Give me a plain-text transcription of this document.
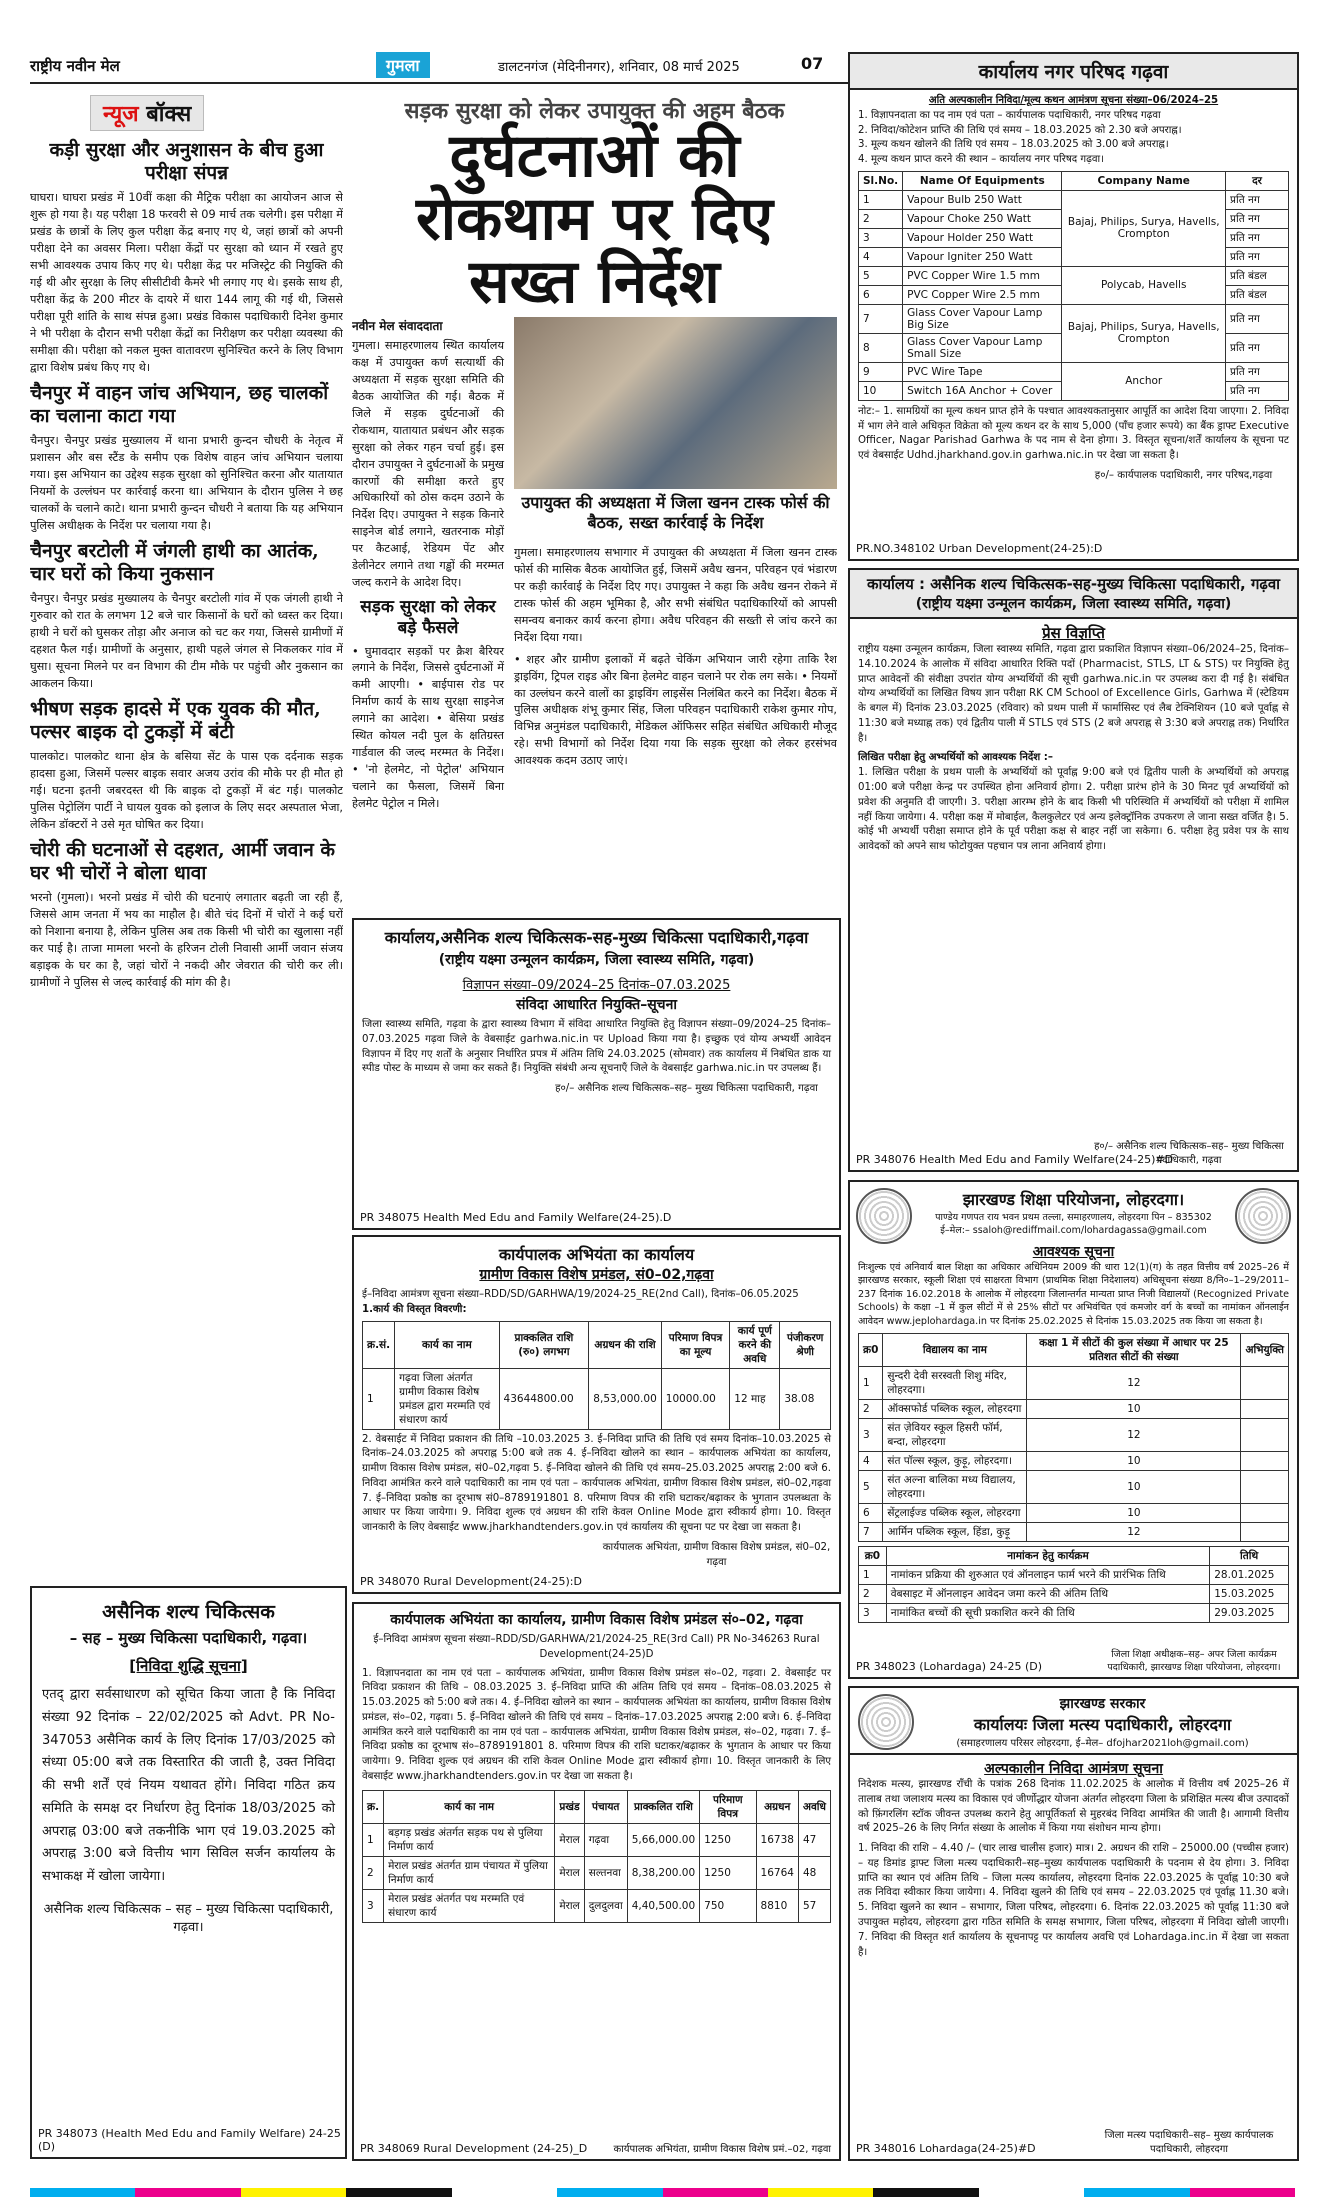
राष्ट्रीय नवीन मेल	गुमला	डालटनगंज (मेदिनीनगर), शनिवार, 08 मार्च 2025	07
न्यूज बॉक्स
कड़ी सुरक्षा और अनुशासन के बीच हुआ परीक्षा संपन्न

घाघरा। घाघरा प्रखंड में 10वीं कक्षा की मैट्रिक परीक्षा का आयोजन आज से शुरू हो गया है। यह परीक्षा 18 फरवरी से 09 मार्च तक चलेगी। इस परीक्षा में प्रखंड के छात्रों के लिए कुल परीक्षा केंद्र बनाए गए थे, जहां छात्रों को अपनी परीक्षा देने का अवसर मिला। परीक्षा केंद्रों पर सुरक्षा को ध्यान में रखते हुए सभी आवश्यक उपाय किए गए थे। परीक्षा केंद्र पर मजिस्ट्रेट की नियुक्ति की गई थी और सुरक्षा के लिए सीसीटीवी कैमरे भी लगाए गए थे। इसके साथ ही, परीक्षा केंद्र के 200 मीटर के दायरे में धारा 144 लागू की गई थी, जिससे परीक्षा पूरी शांति के साथ संपन्न हुआ। प्रखंड विकास पदाधिकारी दिनेश कुमार ने भी परीक्षा के दौरान सभी परीक्षा केंद्रों का निरीक्षण कर परीक्षा व्यवस्था की समीक्षा की। परीक्षा को नकल मुक्त वातावरण सुनिश्चित करने के लिए विभाग द्वारा विशेष प्रबंध किए गए थे।

चैनपुर में वाहन जांच अभियान, छह चालकों का चलाना काटा गया

चैनपुर। चैनपुर प्रखंड मुख्यालय में थाना प्रभारी कुन्दन चौधरी के नेतृत्व में प्रशासन और बस स्टैंड के समीप एक विशेष वाहन जांच अभियान चलाया गया। इस अभियान का उद्देश्य सड़क सुरक्षा को सुनिश्चित करना और यातायात नियमों के उल्लंघन पर कार्रवाई करना था। अभियान के दौरान पुलिस ने छह चालकों के चलाने काटे। थाना प्रभारी कुन्दन चौधरी ने बताया कि यह अभियान पुलिस अधीक्षक के निर्देश पर चलाया गया है।

चैनपुर बरटोली में जंगली हाथी का आतंक, चार घरों को किया नुकसान

चैनपुर। चैनपुर प्रखंड मुख्यालय के चैनपुर बरटोली गांव में एक जंगली हाथी ने गुरुवार को रात के लगभग 12 बजे चार किसानों के घरों को ध्वस्त कर दिया। हाथी ने घरों को घुसकर तोड़ा और अनाज को चट कर गया, जिससे ग्रामीणों में दहशत फैल गई। ग्रामीणों के अनुसार, हाथी पहले जंगल से निकलकर गांव में घुसा। सूचना मिलने पर वन विभाग की टीम मौके पर पहुंची और नुकसान का आकलन किया।

भीषण सड़क हादसे में एक युवक की मौत, पल्सर बाइक दो टुकड़ों में बंटी

पालकोट। पालकोट थाना क्षेत्र के बसिया सेंट के पास एक दर्दनाक सड़क हादसा हुआ, जिसमें पल्सर बाइक सवार अजय उरांव की मौके पर ही मौत हो गई। घटना इतनी जबरदस्त थी कि बाइक दो टुकड़ों में बंट गई। पालकोट पुलिस पेट्रोलिंग पार्टी ने घायल युवक को इलाज के लिए सदर अस्पताल भेजा, लेकिन डॉक्टरों ने उसे मृत घोषित कर दिया।

चोरी की घटनाओं से दहशत, आर्मी जवान के घर भी चोरों ने बोला धावा

भरनो (गुमला)। भरनो प्रखंड में चोरी की घटनाएं लगातार बढ़ती जा रही हैं, जिससे आम जनता में भय का माहौल है। बीते चंद दिनों में चोरों ने कई घरों को निशाना बनाया है, लेकिन पुलिस अब तक किसी भी चोरी का खुलासा नहीं कर पाई है। ताजा मामला भरनो के हरिजन टोली निवासी आर्मी जवान संजय बड़ाइक के घर का है, जहां चोरों ने नकदी और जेवरात की चोरी कर ली। ग्रामीणों ने पुलिस से जल्द कार्रवाई की मांग की है।

असैनिक शल्य चिकित्सक
– सह – मुख्य चिकित्सा पदाधिकारी, गढ़वा।
[निविदा शुद्धि सूचना]

एतद् द्वारा सर्वसाधारण को सूचित किया जाता है कि निविदा संख्या 92 दिनांक – 22/02/2025 को Advt. PR No-347053 असैनिक कार्य के लिए दिनांक 17/03/2025 को संध्या 05:00 बजे तक विस्तारित की जाती है, उक्त निविदा की सभी शर्तें एवं नियम यथावत होंगे। निविदा गठित क्रय समिति के समक्ष दर निर्धारण हेतु दिनांक 18/03/2025 को अपराह्न 03:00 बजे तकनीकि भाग एवं 19.03.2025 को अपराह्न 3:00 बजे वित्तीय भाग सिविल सर्जन कार्यालय के सभाकक्ष में खोला जायेगा।

असैनिक शल्य चिकित्सक – सह – मुख्य चिकित्सा पदाधिकारी, गढ़वा।
PR 348073 (Health Med Edu and Family Welfare) 24-25 (D)
सड़क सुरक्षा को लेकर उपायुक्त की अहम बैठक
दुर्घटनाओं की रोकथाम पर दिए सख्त निर्देश
नवीन मेल संवाददाता

गुमला। समाहरणालय स्थित कार्यालय कक्ष में उपायुक्त कर्ण सत्यार्थी की अध्यक्षता में सड़क सुरक्षा समिति की बैठक आयोजित की गई। बैठक में जिले में सड़क दुर्घटनाओं की रोकथाम, यातायात प्रबंधन और सड़क सुरक्षा को लेकर गहन चर्चा हुई। इस दौरान उपायुक्त ने दुर्घटनाओं के प्रमुख कारणों की समीक्षा करते हुए अधिकारियों को ठोस कदम उठाने के निर्देश दिए। उपायुक्त ने सड़क किनारे साइनेज बोर्ड लगाने, खतरनाक मोड़ों पर कैटआई, रेडियम पेंट और डेलीनेटर लगाने तथा गड्ढों की मरम्मत जल्द कराने के आदेश दिए।

सड़क सुरक्षा को लेकर बड़े फैसले

• घुमावदार सड़कों पर क्रैश बैरियर लगाने के निर्देश, जिससे दुर्घटनाओं में कमी आएगी। • बाईपास रोड पर निर्माण कार्य के साथ सुरक्षा साइनेज लगाने का आदेश। • बेसिया प्रखंड स्थित कोयल नदी पुल के क्षतिग्रस्त गार्डवाल की जल्द मरम्मत के निर्देश। • 'नो हेलमेट, नो पेट्रोल' अभियान चलाने का फैसला, जिसमें बिना हेलमेट पेट्रोल न मिले।

उपायुक्त की अध्यक्षता में जिला खनन टास्क फोर्स की बैठक, सख्त कार्रवाई के निर्देश

गुमला। समाहरणालय सभागार में उपायुक्त की अध्यक्षता में जिला खनन टास्क फोर्स की मासिक बैठक आयोजित हुई, जिसमें अवैध खनन, परिवहन एवं भंडारण पर कड़ी कार्रवाई के निर्देश दिए गए। उपायुक्त ने कहा कि अवैध खनन रोकने में टास्क फोर्स की अहम भूमिका है, और सभी संबंधित पदाधिकारियों को आपसी समन्वय बनाकर कार्य करना होगा। अवैध परिवहन की सख्ती से जांच करने का निर्देश दिया गया।

• शहर और ग्रामीण इलाकों में बढ़ते चेकिंग अभियान जारी रहेगा ताकि रैश ड्राइविंग, ट्रिपल राइड और बिना हेलमेट वाहन चलाने पर रोक लग सके। • नियमों का उल्लंघन करने वालों का ड्राइविंग लाइसेंस निलंबित करने का निर्देश। बैठक में पुलिस अधीक्षक शंभू कुमार सिंह, जिला परिवहन पदाधिकारी राकेश कुमार गोप, विभिन्न अनुमंडल पदाधिकारी, मेडिकल ऑफिसर सहित संबंधित अधिकारी मौजूद रहे। सभी विभागों को निर्देश दिया गया कि सड़क सुरक्षा को लेकर हरसंभव आवश्यक कदम उठाए जाएं।

कार्यालय,असैनिक शल्य चिकित्सक-सह-मुख्य चिकित्सा पदाधिकारी,गढ़वा
(राष्ट्रीय यक्ष्मा उन्मूलन कार्यक्रम, जिला स्वास्थ्य समिति, गढ़वा)
विज्ञापन संख्या–09/2024–25 दिनांक–07.03.2025
संविदा आधारित नियुक्ति–सूचना

जिला स्वास्थ्य समिति, गढ़वा के द्वारा स्वास्थ्य विभाग में संविदा आधारित नियुक्ति हेतु विज्ञापन संख्या–09/2024–25 दिनांक–07.03.2025 गढ़वा जिले के वेबसाईट garhwa.nic.in पर Upload किया गया है। इच्छुक एवं योग्य अभ्यर्थी आवेदन विज्ञापन में दिए गए शर्तों के अनुसार निर्धारित प्रपत्र में अंतिम तिथि 24.03.2025 (सोमवार) तक कार्यालय में निबंधित डाक या स्पीड पोस्ट के माध्यम से जमा कर सकते हैं। नियुक्ति संबंधी अन्य सूचनाएँ जिले के वेबसाईट garhwa.nic.in पर उपलब्ध हैं।

ह०/– असैनिक शल्य चिकित्सक–सह– मुख्य चिकित्सा पदाधिकारी, गढ़वा
PR 348075 Health Med Edu and Family Welfare(24-25).D
कार्यपालक अभियंता का कार्यालय
ग्रामीण विकास विशेष प्रमंडल, सं0–02,गढ़वा
ई–निविदा आमंत्रण सूचना संख्या–RDD/SD/GARHWA/19/2024-25_RE(2nd Call), दिनांक–06.05.2025
1.कार्य की विस्तृत विवरणी:
क्र.सं.	कार्य का नाम	प्राक्कलित राशि (रु०) लगभग	अग्रधन की राशि	परिमाण विपत्र का मूल्य	कार्य पूर्ण करने की अवधि	पंजीकरण श्रेणी
1	गढ़वा जिला अंतर्गत ग्रामीण विकास विशेष प्रमंडल द्वारा मरम्मति एवं संधारण कार्य	43644800.00	8,53,000.00	10000.00	12 माह	38.08

2. वेबसाईट में निविदा प्रकाशन की तिथि –10.03.2025 3. ई–निविदा प्राप्ति की तिथि एवं समय दिनांक–10.03.2025 से दिनांक–24.03.2025 को अपराह्न 5:00 बजे तक 4. ई–निविदा खोलने का स्थान – कार्यपालक अभियंता का कार्यालय, ग्रामीण विकास विशेष प्रमंडल, सं0–02,गढ़वा 5. ई–निविदा खोलने की तिथि एवं समय–25.03.2025 अपराह्न 2:00 बजे 6. निविदा आमंत्रित करने वाले पदाधिकारी का नाम एवं पता – कार्यपालक अभियंता, ग्रामीण विकास विशेष प्रमंडल, सं0–02,गढ़वा 7. ई–निविदा प्रकोष्ठ का दूरभाष सं0–8789191801 8. परिमाण विपत्र की राशि घटाकर/बढ़ाकर के भुगतान उपलब्धता के आधार पर किया जायेगा। 9. निविदा शुल्क एवं अग्रधन की राशि केवल Online Mode द्वारा स्वीकार्य होगा। 10. विस्तृत जानकारी के लिए वेबसाईट www.jharkhandtenders.gov.in एवं कार्यालय की सूचना पट पर देखा जा सकता है।

कार्यपालक अभियंता, ग्रामीण विकास विशेष प्रमंडल, सं0–02, गढ़वा
PR 348070 Rural Development(24-25):D
कार्यपालक अभियंता का कार्यालय, ग्रामीण विकास विशेष प्रमंडल सं०–02, गढ़वा
ई–निविदा आमंत्रण सूचना संख्या–RDD/SD/GARHWA/21/2024-25_RE(3rd Call) PR No-346263 Rural Development(24-25)D

1. विज्ञापनदाता का नाम एवं पता – कार्यपालक अभियंता, ग्रामीण विकास विशेष प्रमंडल सं०–02, गढ़वा। 2. वेबसाईट पर निविदा प्रकाशन की तिथि – 08.03.2025 3. ई–निविदा प्राप्ति की अंतिम तिथि एवं समय – दिनांक–08.03.2025 से 15.03.2025 को 5:00 बजे तक। 4. ई–निविदा खोलने का स्थान – कार्यपालक अभियंता का कार्यालय, ग्रामीण विकास विशेष प्रमंडल, सं०–02, गढ़वा। 5. ई–निविदा खोलने की तिथि एवं समय – दिनांक–17.03.2025 अपराह्न 2:00 बजे। 6. ई–निविदा आमंत्रित करने वाले पदाधिकारी का नाम एवं पता – कार्यपालक अभियंता, ग्रामीण विकास विशेष प्रमंडल, सं०–02, गढ़वा। 7. ई–निविदा प्रकोष्ठ का दूरभाष सं०–8789191801 8. परिमाण विपत्र की राशि घटाकर/बढ़ाकर के भुगतान के आधार पर किया जायेगा। 9. निविदा शुल्क एवं अग्रधन की राशि केवल Online Mode द्वारा स्वीकार्य होगा। 10. विस्तृत जानकारी के लिए वेबसाईट www.jharkhandtenders.gov.in पर देखा जा सकता है।

क्र.	कार्य का नाम	प्रखंड	पंचायत	प्राक्कलित राशि	परिमाण विपत्र	अग्रधन	अवधि
1	बड़गड़ प्रखंड अंतर्गत सड़क पथ से पुलिया निर्माण कार्य	मेराल	गढ़वा	5,66,000.00	1250	16738	47
2	मेराल प्रखंड अंतर्गत ग्राम पंचायत में पुलिया निर्माण कार्य	मेराल	सल्तनवा	8,38,200.00	1250	16764	48
3	मेराल प्रखंड अंतर्गत पथ मरम्मति एवं संधारण कार्य	मेराल	दुलदुलवा	4,40,500.00	750	8810	57
कार्यपालक अभियंता, ग्रामीण विकास विशेष प्रमं.–02, गढ़वा
PR 348069 Rural Development (24-25)_D
कार्यालय नगर परिषद गढ़वा
अति अल्पकालीन निविदा/मूल्य कथन आमंत्रण सूचना संख्या–06/2024–25
1. विज्ञापनदाता का पद नाम एवं पता – कार्यपालक पदाधिकारी, नगर परिषद गढ़वा
2. निविदा/कोटेशन प्राप्ति की तिथि एवं समय – 18.03.2025 को 2.30 बजे अपराह्न।
3. मूल्य कथन खोलने की तिथि एवं समय – 18.03.2025 को 3.00 बजे अपराह्न।
4. मूल्य कथन प्राप्त करने की स्थान – कार्यालय नगर परिषद गढ़वा।
Sl.No.	Name Of Equipments	Company Name	दर
1	Vapour Bulb 250 Watt	Bajaj, Philips, Surya, Havells, Crompton	प्रति नग
2	Vapour Choke 250 Watt		प्रति नग
3	Vapour Holder 250 Watt		प्रति नग
4	Vapour Igniter 250 Watt		प्रति नग
5	PVC Copper Wire 1.5 mm	Polycab, Havells	प्रति बंडल
6	PVC Copper Wire 2.5 mm		प्रति बंडल
7	Glass Cover Vapour Lamp Big Size	Bajaj, Philips, Surya, Havells, Crompton	प्रति नग
8	Glass Cover Vapour Lamp Small Size		प्रति नग
9	PVC Wire Tape	Anchor	प्रति नग
10	Switch 16A Anchor + Cover		प्रति नग

नोट:– 1. सामग्रियों का मूल्य कथन प्राप्त होने के पश्चात आवश्यकतानुसार आपूर्ति का आदेश दिया जाएगा। 2. निविदा में भाग लेने वाले अधिकृत विक्रेता को मूल्य कथन दर के साथ 5,000 (पाँच हजार रूपये) का बैंक ड्राफ्ट Executive Officer, Nagar Parishad Garhwa के पद नाम से देना होगा। 3. विस्तृत सूचना/शर्तें कार्यालय के सूचना पट एवं वेबसाईट Udhd.jharkhand.gov.in garhwa.nic.in पर देखा जा सकता है।

ह०/– कार्यपालक पदाधिकारी, नगर परिषद,गढ़वा
PR.NO.348102 Urban Development(24-25):D
कार्यालय : असैनिक शल्य चिकित्सक-सह-मुख्य चिकित्सा पदाधिकारी, गढ़वा
(राष्ट्रीय यक्ष्मा उन्मूलन कार्यक्रम, जिला स्वास्थ्य समिति, गढ़वा)
प्रेस विज्ञप्ति

राष्ट्रीय यक्ष्मा उन्मूलन कार्यक्रम, जिला स्वास्थ्य समिति, गढ़वा द्वारा प्रकाशित विज्ञापन संख्या–06/2024–25, दिनांक–14.10.2024 के आलोक में संविदा आधारित रिक्ति पदों (Pharmacist, STLS, LT & STS) पर नियुक्ति हेतु प्राप्त आवेदनों की संवीक्षा उपरांत योग्य अभ्यर्थियों की सूची garhwa.nic.in पर उपलब्ध करा दी गई है। संबंधित योग्य अभ्यर्थियों का लिखित विषय ज्ञान परीक्षा RK CM School of Excellence Girls, Garhwa में (स्टेडियम के बगल में) दिनांक 23.03.2025 (रविवार) को प्रथम पाली में फार्मासिस्ट एवं लैब टेक्निशियन (10 बजे पूर्वाह्न से 11:30 बजे मध्याह्न तक) एवं द्वितीय पाली में STLS एवं STS (2 बजे अपराह्न से 3:30 बजे अपराह्न तक) निर्धारित है।

लिखित परीक्षा हेतु अभ्यर्थियों को आवश्यक निर्देश :–

1. लिखित परीक्षा के प्रथम पाली के अभ्यर्थियों को पूर्वाह्न 9:00 बजे एवं द्वितीय पाली के अभ्यर्थियों को अपराह्न 01:00 बजे परीक्षा केन्द्र पर उपस्थित होना अनिवार्य होगा। 2. परीक्षा प्रारंभ होने के 30 मिनट पूर्व अभ्यर्थियों को प्रवेश की अनुमति दी जाएगी। 3. परीक्षा आरम्भ होने के बाद किसी भी परिस्थिति में अभ्यर्थियों को परीक्षा में शामिल नहीं किया जायेगा। 4. परीक्षा कक्ष में मोबाईल, कैलकुलेटर एवं अन्य इलेक्ट्रॉनिक उपकरण ले जाना सख्त वर्जित है। 5. कोई भी अभ्यर्थी परीक्षा समाप्त होने के पूर्व परीक्षा कक्ष से बाहर नहीं जा सकेगा। 6. परीक्षा हेतु प्रवेश पत्र के साथ आवेदकों को अपने साथ फोटोयुक्त पहचान पत्र लाना अनिवार्य होगा।

ह०/– असैनिक शल्य चिकित्सक–सह– मुख्य चिकित्सा पदाधिकारी, गढ़वा
PR 348076 Health Med Edu and Family Welfare(24-25)#D
झारखण्ड शिक्षा परियोजना, लोहरदगा।
पाण्डेय गणपत राय भवन प्रथम तल्ला, समाहरणालय, लोहरदगा पिन – 835302
ई–मेल:– ssaloh@rediffmail.com/lohardagassa@gmail.com
आवश्यक सूचना

निःशुल्क एवं अनिवार्य बाल शिक्षा का अधिकार अधिनियम 2009 की धारा 12(1)(ग) के तहत वित्तीय वर्ष 2025–26 में झारखण्ड सरकार, स्कूली शिक्षा एवं साक्षरता विभाग (प्राथमिक शिक्षा निदेशालय) अधिसूचना संख्या 8/नि०–1–29/2011–237 दिनांक 16.02.2018 के आलोक में लोहरदगा जिलान्तर्गत मान्यता प्राप्त निजी विद्यालयों (Recognized Private Schools) के कक्षा –1 में कुल सीटों में से 25% सीटों पर अभिवंचित एवं कमजोर वर्ग के बच्चों का नामांकन ऑनलाईन आवेदन www.jeplohardaga.in पर दिनांक 25.02.2025 से दिनांक 15.03.2025 तक किया जा सकता है।

क्र0	विद्यालय का नाम	कक्षा 1 में सीटों की कुल संख्या में आधार पर 25 प्रतिशत सीटों की संख्या	अभियुक्ति
1	सुन्दरी देवी सरस्वती शिशु मंदिर, लोहरदगा।	12	
2	ऑक्सफोर्ड पब्लिक स्कूल, लोहरदगा	10	
3	संत ज़ेवियर स्कूल हिसरी फॉर्म, बन्दा, लोहरदगा	12	
4	संत पॉल्स स्कूल, कुड़ू, लोहरदगा।	10	
5	संत अल्ना बालिका मध्य विद्यालय, लोहरदगा।	10	
6	सेंट्रलाईज्ड पब्लिक स्कूल, लोहरदगा	10	
7	आर्मिन पब्लिक स्कूल, हिंडा, कुड़ू	12	
क्र0	नामांकन हेतु कार्यक्रम	तिथि
1	नामांकन प्रक्रिया की शुरुआत एवं ऑनलाइन फार्म भरने की प्रारंभिक तिथि	28.01.2025
2	वेबसाइट में ऑनलाइन आवेदन जमा करने की अंतिम तिथि	15.03.2025
3	नामांकित बच्चों की सूची प्रकाशित करने की तिथि	29.03.2025
जिला शिक्षा अधीक्षक–सह– अपर जिला कार्यक्रम पदाधिकारी, झारखण्ड शिक्षा परियोजना, लोहरदगा।
PR 348023 (Lohardaga) 24-25 (D)
झारखण्ड सरकार
कार्यालयः जिला मत्स्य पदाधिकारी, लोहरदगा
(समाहरणालय परिसर लोहरदगा, ई–मेल– dfojhar2021loh@gmail.com)
अल्पकालीन निविदा आमंत्रण सूचना

निदेशक मत्स्य, झारखण्ड राँची के पत्रांक 268 दिनांक 11.02.2025 के आलोक में वित्तीय वर्ष 2025–26 में तालाब तथा जलाशय मत्स्य का विकास एवं जीर्णोद्धार योजना अंतर्गत लोहरदगा जिला के प्रशिक्षित मत्स्य बीज उत्पादकों को फ़िंगरलिंग स्टॉक जीवन्त उपलब्ध कराने हेतु आपूर्तिकर्ता से मुहरबंद निविदा आमंत्रित की जाती है। आगामी वित्तीय वर्ष 2025–26 के लिए निर्गत संख्या के आलोक में किया गया संशोधन मान्य होगा।

1. निविदा की राशि – 4.40 /– (चार लाख चालीस हजार) मात्र। 2. अग्रधन की राशि – 25000.00 (पच्चीस हजार) – यह डिमांड ड्राफ्ट जिला मत्स्य पदाधिकारी–सह–मुख्य कार्यपालक पदाधिकारी के पदनाम से देय होगा। 3. निविदा प्राप्ति का स्थान एवं अंतिम तिथि – जिला मत्स्य कार्यालय, लोहरदगा दिनांक 22.03.2025 के पूर्वाह्न 10:30 बजे तक निविदा स्वीकार किया जायेगा। 4. निविदा खुलने की तिथि एवं समय – 22.03.2025 एवं पूर्वाह्न 11.30 बजे। 5. निविदा खुलने का स्थान – सभागार, जिला परिषद, लोहरदगा। 6. दिनांक 22.03.2025 को पूर्वाह्न 11:30 बजे उपायुक्त महोदय, लोहरदगा द्वारा गठित समिति के समक्ष सभागार, जिला परिषद, लोहरदगा में निविदा खोली जाएगी। 7. निविदा की विस्तृत शर्त कार्यालय के सूचनापट्ट पर कार्यालय अवधि एवं Lohardaga.inc.in में देखा जा सकता है।

जिला मत्स्य पदाधिकारी–सह– मुख्य कार्यपालक पदाधिकारी, लोहरदगा
PR 348016 Lohardaga(24-25)#D
